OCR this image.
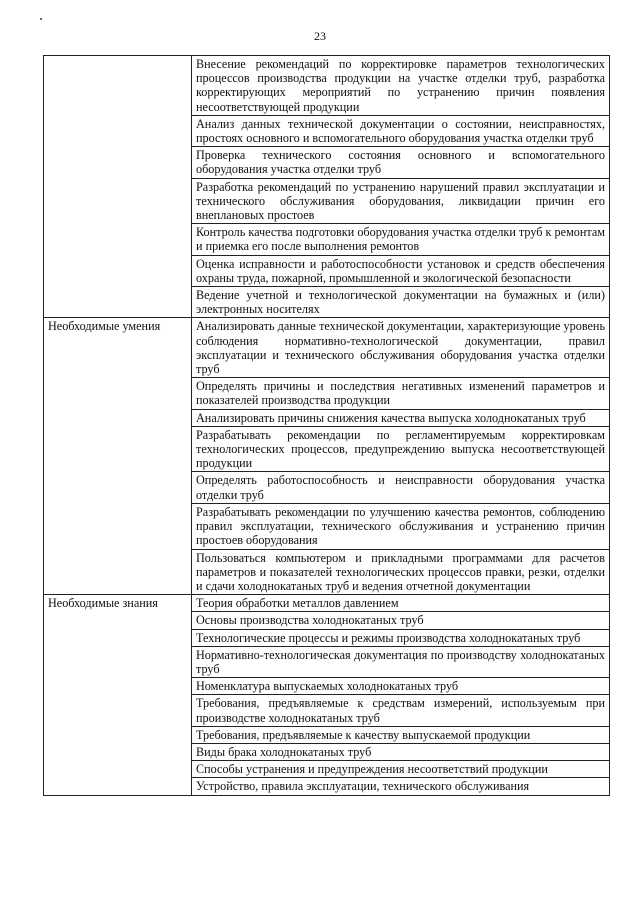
23
	Внесение рекомендаций по корректировке параметров технологических процессов производства продукции на участке отделки труб, разработка корректирующих мероприятий по устранению причин появления несоответствующей продукции
	Анализ данных технической документации о состоянии, неисправностях, простоях основного и вспомогательного оборудования участка отделки труб
	Проверка технического состояния основного и вспомогательного оборудования участка отделки труб
	Разработка рекомендаций по устранению нарушений правил эксплуатации и технического обслуживания оборудования, ликвидации причин его внеплановых простоев
	Контроль качества подготовки оборудования участка отделки труб к ремонтам и приемка его после выполнения ремонтов
	Оценка исправности и работоспособности установок и средств обеспечения охраны труда, пожарной, промышленной и экологической безопасности
	Ведение учетной и технологической документации на бумажных и (или) электронных носителях
Необходимые умения	Анализировать данные технической документации, характеризующие уровень соблюдения нормативно-технологической документации, правил эксплуатации и технического обслуживания оборудования участка отделки труб
	Определять причины и последствия негативных изменений параметров и показателей производства продукции
	Анализировать причины снижения качества выпуска холоднокатаных труб
	Разрабатывать рекомендации по регламентируемым корректировкам технологических процессов, предупреждению выпуска несоответствующей продукции
	Определять работоспособность и неисправности оборудования участка отделки труб
	Разрабатывать рекомендации по улучшению качества ремонтов, соблюдению правил эксплуатации, технического обслуживания и устранению причин простоев оборудования
	Пользоваться компьютером и прикладными программами для расчетов параметров и показателей технологических процессов правки, резки, отделки и сдачи холоднокатаных труб и ведения отчетной документации
Необходимые знания	Теория обработки металлов давлением
	Основы производства холоднокатаных труб
	Технологические процессы и режимы производства холоднокатаных труб
	Нормативно-технологическая документация по производству холоднокатаных труб
	Номенклатура выпускаемых холоднокатаных труб
	Требования, предъявляемые к средствам измерений, используемым при производстве холоднокатаных труб
	Требования, предъявляемые к качеству выпускаемой продукции
	Виды брака холоднокатаных труб
	Способы устранения и предупреждения несоответствий продукции
	Устройство, правила эксплуатации, технического обслуживания
